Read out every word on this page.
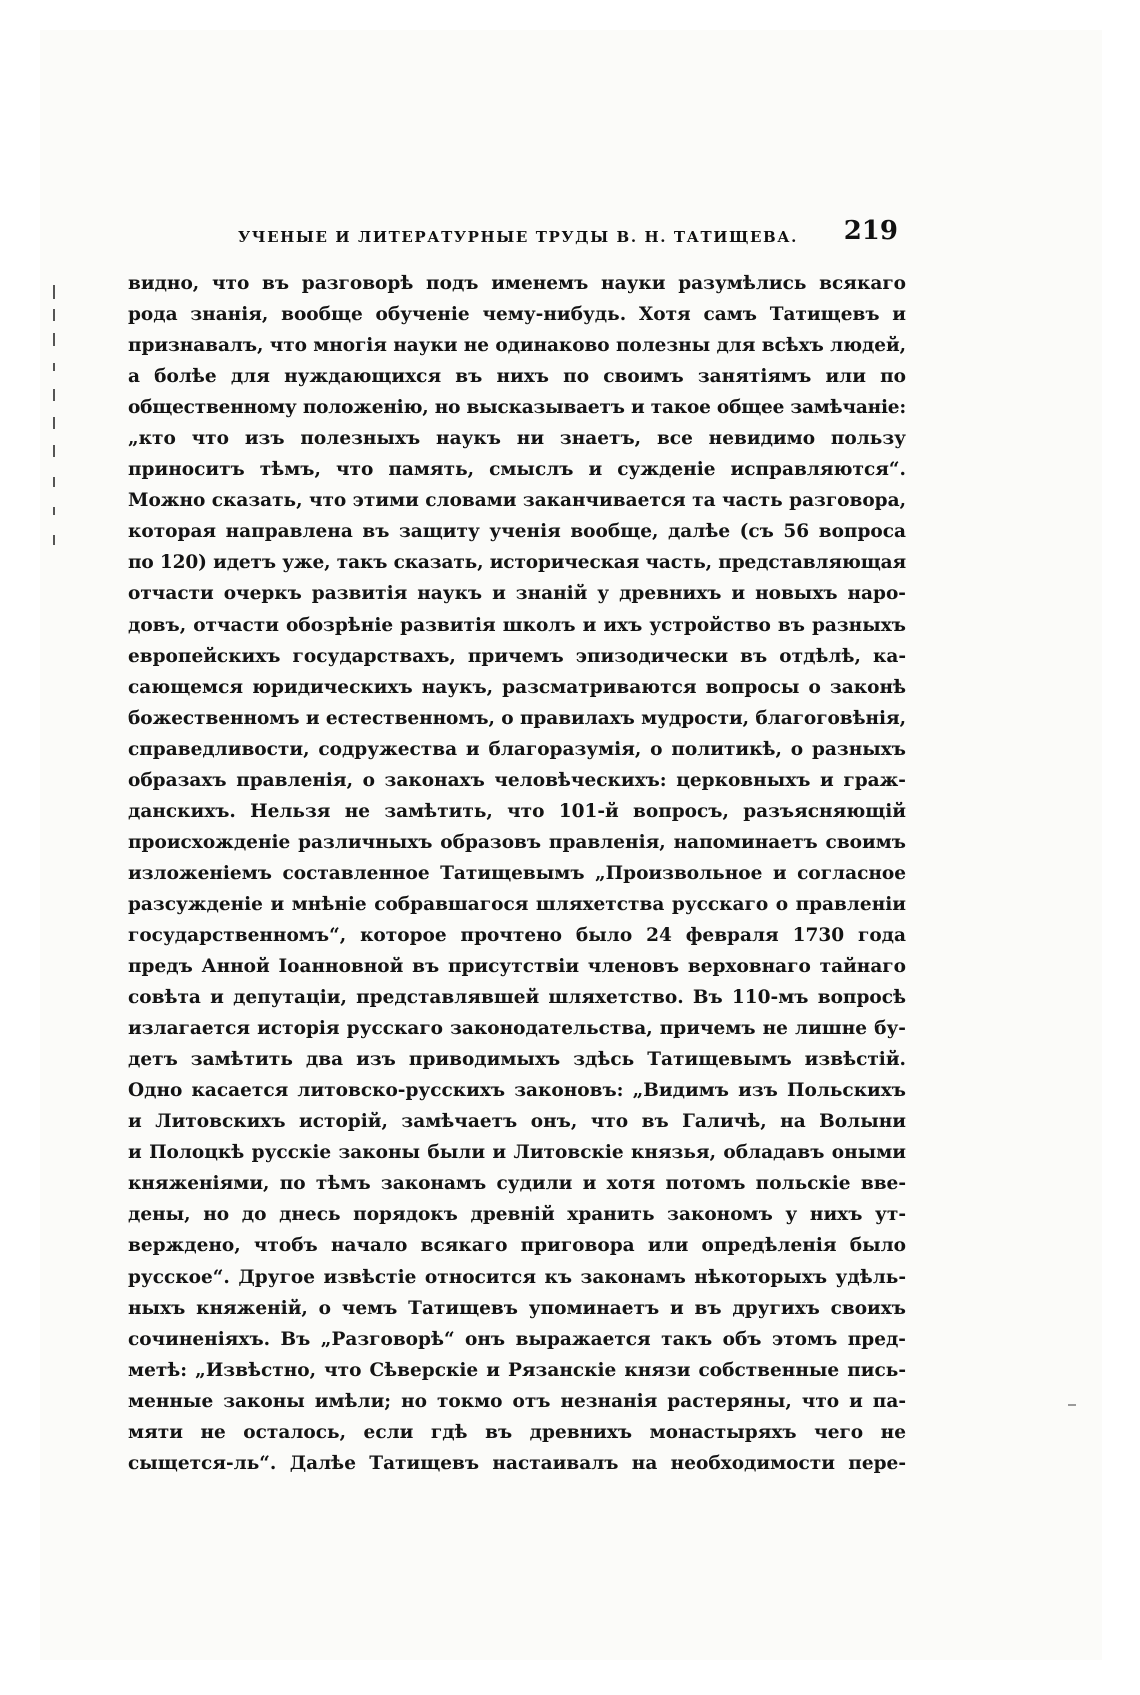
УЧЕНЫЕ И ЛИТЕРАТУРНЫЕ ТРУДЫ В. Н. ТАТИЩЕВА. 219
видно, что въ разговорѣ подъ именемъ науки разумѣлись всякаго
рода знанія, вообще обученіе чему-нибудь. Хотя самъ Татищевъ и
признавалъ, что многія науки не одинаково полезны для всѣхъ людей,
а болѣе для нуждающихся въ нихъ по своимъ занятіямъ или по
общественному положенію, но высказываетъ и такое общее замѣчаніе:
„кто что изъ полезныхъ наукъ ни знаетъ, все невидимо пользу
приноситъ тѣмъ, что память, смыслъ и сужденіе исправляются“.
Можно сказать, что этими словами заканчивается та часть разговора,
которая направлена въ защиту ученія вообще, далѣе (съ 56 вопроса
по 120) идетъ уже, такъ сказать, историческая часть, представляющая
отчасти очеркъ развитія наукъ и знаній у древнихъ и новыхъ наро-
довъ, отчасти обозрѣніе развитія школъ и ихъ устройство въ разныхъ
европейскихъ государствахъ, причемъ эпизодически въ отдѣлѣ, ка-
сающемся юридическихъ наукъ, разсматриваются вопросы о законѣ
божественномъ и естественномъ, о правилахъ мудрости, благоговѣнія,
справедливости, содружества и благоразумія, о политикѣ, о разныхъ
образахъ правленія, о законахъ человѣческихъ: церковныхъ и граж-
данскихъ. Нельзя не замѣтить, что 101-й вопросъ, разъясняющій
происхожденіе различныхъ образовъ правленія, напоминаетъ своимъ
изложеніемъ составленное Татищевымъ „Произвольное и согласное
разсужденіе и мнѣніе собравшагося шляхетства русскаго о правленіи
государственномъ“, которое прочтено было 24 февраля 1730 года
предъ Анной Іоанновной въ присутствіи членовъ верховнаго тайнаго
совѣта и депутаціи, представлявшей шляхетство. Въ 110-мъ вопросѣ
излагается исторія русскаго законодательства, причемъ не лишне бу-
детъ замѣтить два изъ приводимыхъ здѣсь Татищевымъ извѣстій.
Одно касается литовско-русскихъ законовъ: „Видимъ изъ Польскихъ
и Литовскихъ исторій, замѣчаетъ онъ, что въ Галичѣ, на Волыни
и Полоцкѣ русскіе законы были и Литовскіе князья, обладавъ оными
княженіями, по тѣмъ законамъ судили и хотя потомъ польскіе вве-
дены, но до днесь порядокъ древній хранить закономъ у нихъ ут-
верждено, чтобъ начало всякаго приговора или опредѣленія было
русское“. Другое извѣстіе относится къ законамъ нѣкоторыхъ удѣль-
ныхъ княженій, о чемъ Татищевъ упоминаетъ и въ другихъ своихъ
сочиненіяхъ. Въ „Разговорѣ“ онъ выражается такъ объ этомъ пред-
метѣ: „Извѣстно, что Сѣверскіе и Рязанскіе князи собственные пись-
менные законы имѣли; но токмо отъ незнанія растеряны, что и па-
мяти не осталось, если гдѣ въ древнихъ монастыряхъ чего не
сыщется-ль“. Далѣе Татищевъ настаивалъ на необходимости пере-
